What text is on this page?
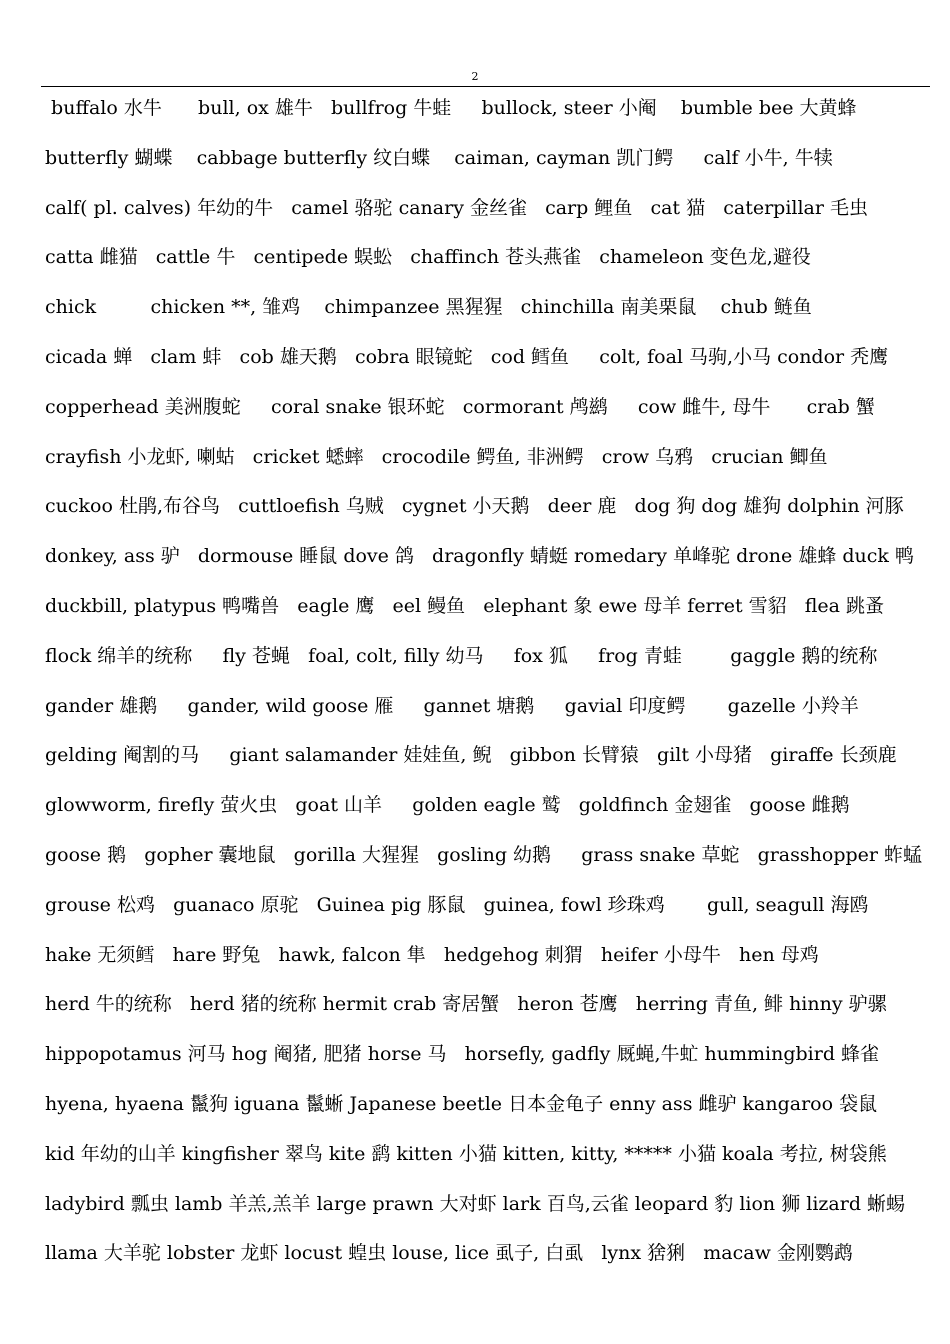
2
buffalo 水牛      bull, ox 雄牛   bullfrog 牛蛙     bullock, steer 小阉    bumble bee 大黄蜂
butterfly 蝴蝶    cabbage butterfly 纹白蝶    caiman, cayman 凯门鳄     calf 小牛, 牛犊
calf( pl. calves) 年幼的牛   camel 骆驼 canary 金丝雀   carp 鲤鱼   cat 猫   caterpillar 毛虫
catta 雌猫   cattle 牛   centipede 蜈蚣   chaffinch 苍头燕雀   chameleon 变色龙,避役
chick         chicken **, 雏鸡    chimpanzee 黑猩猩   chinchilla 南美栗鼠    chub 鲢鱼
cicada 蝉   clam 蚌   cob 雄天鹅   cobra 眼镜蛇   cod 鳕鱼     colt, foal 马驹,小马 condor 秃鹰
copperhead 美洲腹蛇     coral snake 银环蛇   cormorant 鸬鹚     cow 雌牛, 母牛      crab 蟹
crayfish 小龙虾, 喇蛄   cricket 蟋蟀   crocodile 鳄鱼, 非洲鳄   crow 乌鸦   crucian 鲫鱼
cuckoo 杜鹃,布谷鸟   cuttloefish 乌贼   cygnet 小天鹅   deer 鹿   dog 狗 dog 雄狗 dolphin 河豚
donkey, ass 驴   dormouse 睡鼠 dove 鸽   dragonfly 蜻蜓 romedary 单峰驼 drone 雄蜂 duck 鸭
duckbill, platypus 鸭嘴兽   eagle 鹰   eel 鳗鱼   elephant 象 ewe 母羊 ferret 雪貂   flea 跳蚤
flock 绵羊的统称     fly 苍蝇   foal, colt, filly 幼马     fox 狐     frog 青蛙        gaggle 鹅的统称
gander 雄鹅     gander, wild goose 雁     gannet 塘鹅     gavial 印度鳄       gazelle 小羚羊
gelding 阉割的马     giant salamander 娃娃鱼, 鲵   gibbon 长臂猿   gilt 小母猪   giraffe 长颈鹿
glowworm, firefly 萤火虫   goat 山羊     golden eagle 鹫   goldfinch 金翅雀   goose 雌鹅
goose 鹅   gopher 囊地鼠   gorilla 大猩猩   gosling 幼鹅     grass snake 草蛇   grasshopper 蚱蜢
grouse 松鸡   guanaco 原驼   Guinea pig 豚鼠   guinea, fowl 珍珠鸡       gull, seagull 海鸥
hake 无须鳕   hare 野兔   hawk, falcon 隼   hedgehog 刺猬   heifer 小母牛   hen 母鸡
herd 牛的统称   herd 猪的统称 hermit crab 寄居蟹   heron 苍鹰   herring 青鱼, 鲱 hinny 驴骡
hippopotamus 河马 hog 阉猪, 肥猪 horse 马   horsefly, gadfly 厩蝇,牛虻 hummingbird 蜂雀
hyena, hyaena 鬣狗 iguana 鬣蜥 Japanese beetle 日本金龟子 enny ass 雌驴 kangaroo 袋鼠
kid 年幼的山羊 kingfisher 翠鸟 kite 鹞 kitten 小猫 kitten, kitty, ***** 小猫 koala 考拉, 树袋熊
ladybird 瓢虫 lamb 羊羔,羔羊 large prawn 大对虾 lark 百鸟,云雀 leopard 豹 lion 狮 lizard 蜥蜴
llama 大羊驼 lobster 龙虾 locust 蝗虫 louse, lice 虱子, 白虱   lynx 猞猁   macaw 金刚鹦鹉
